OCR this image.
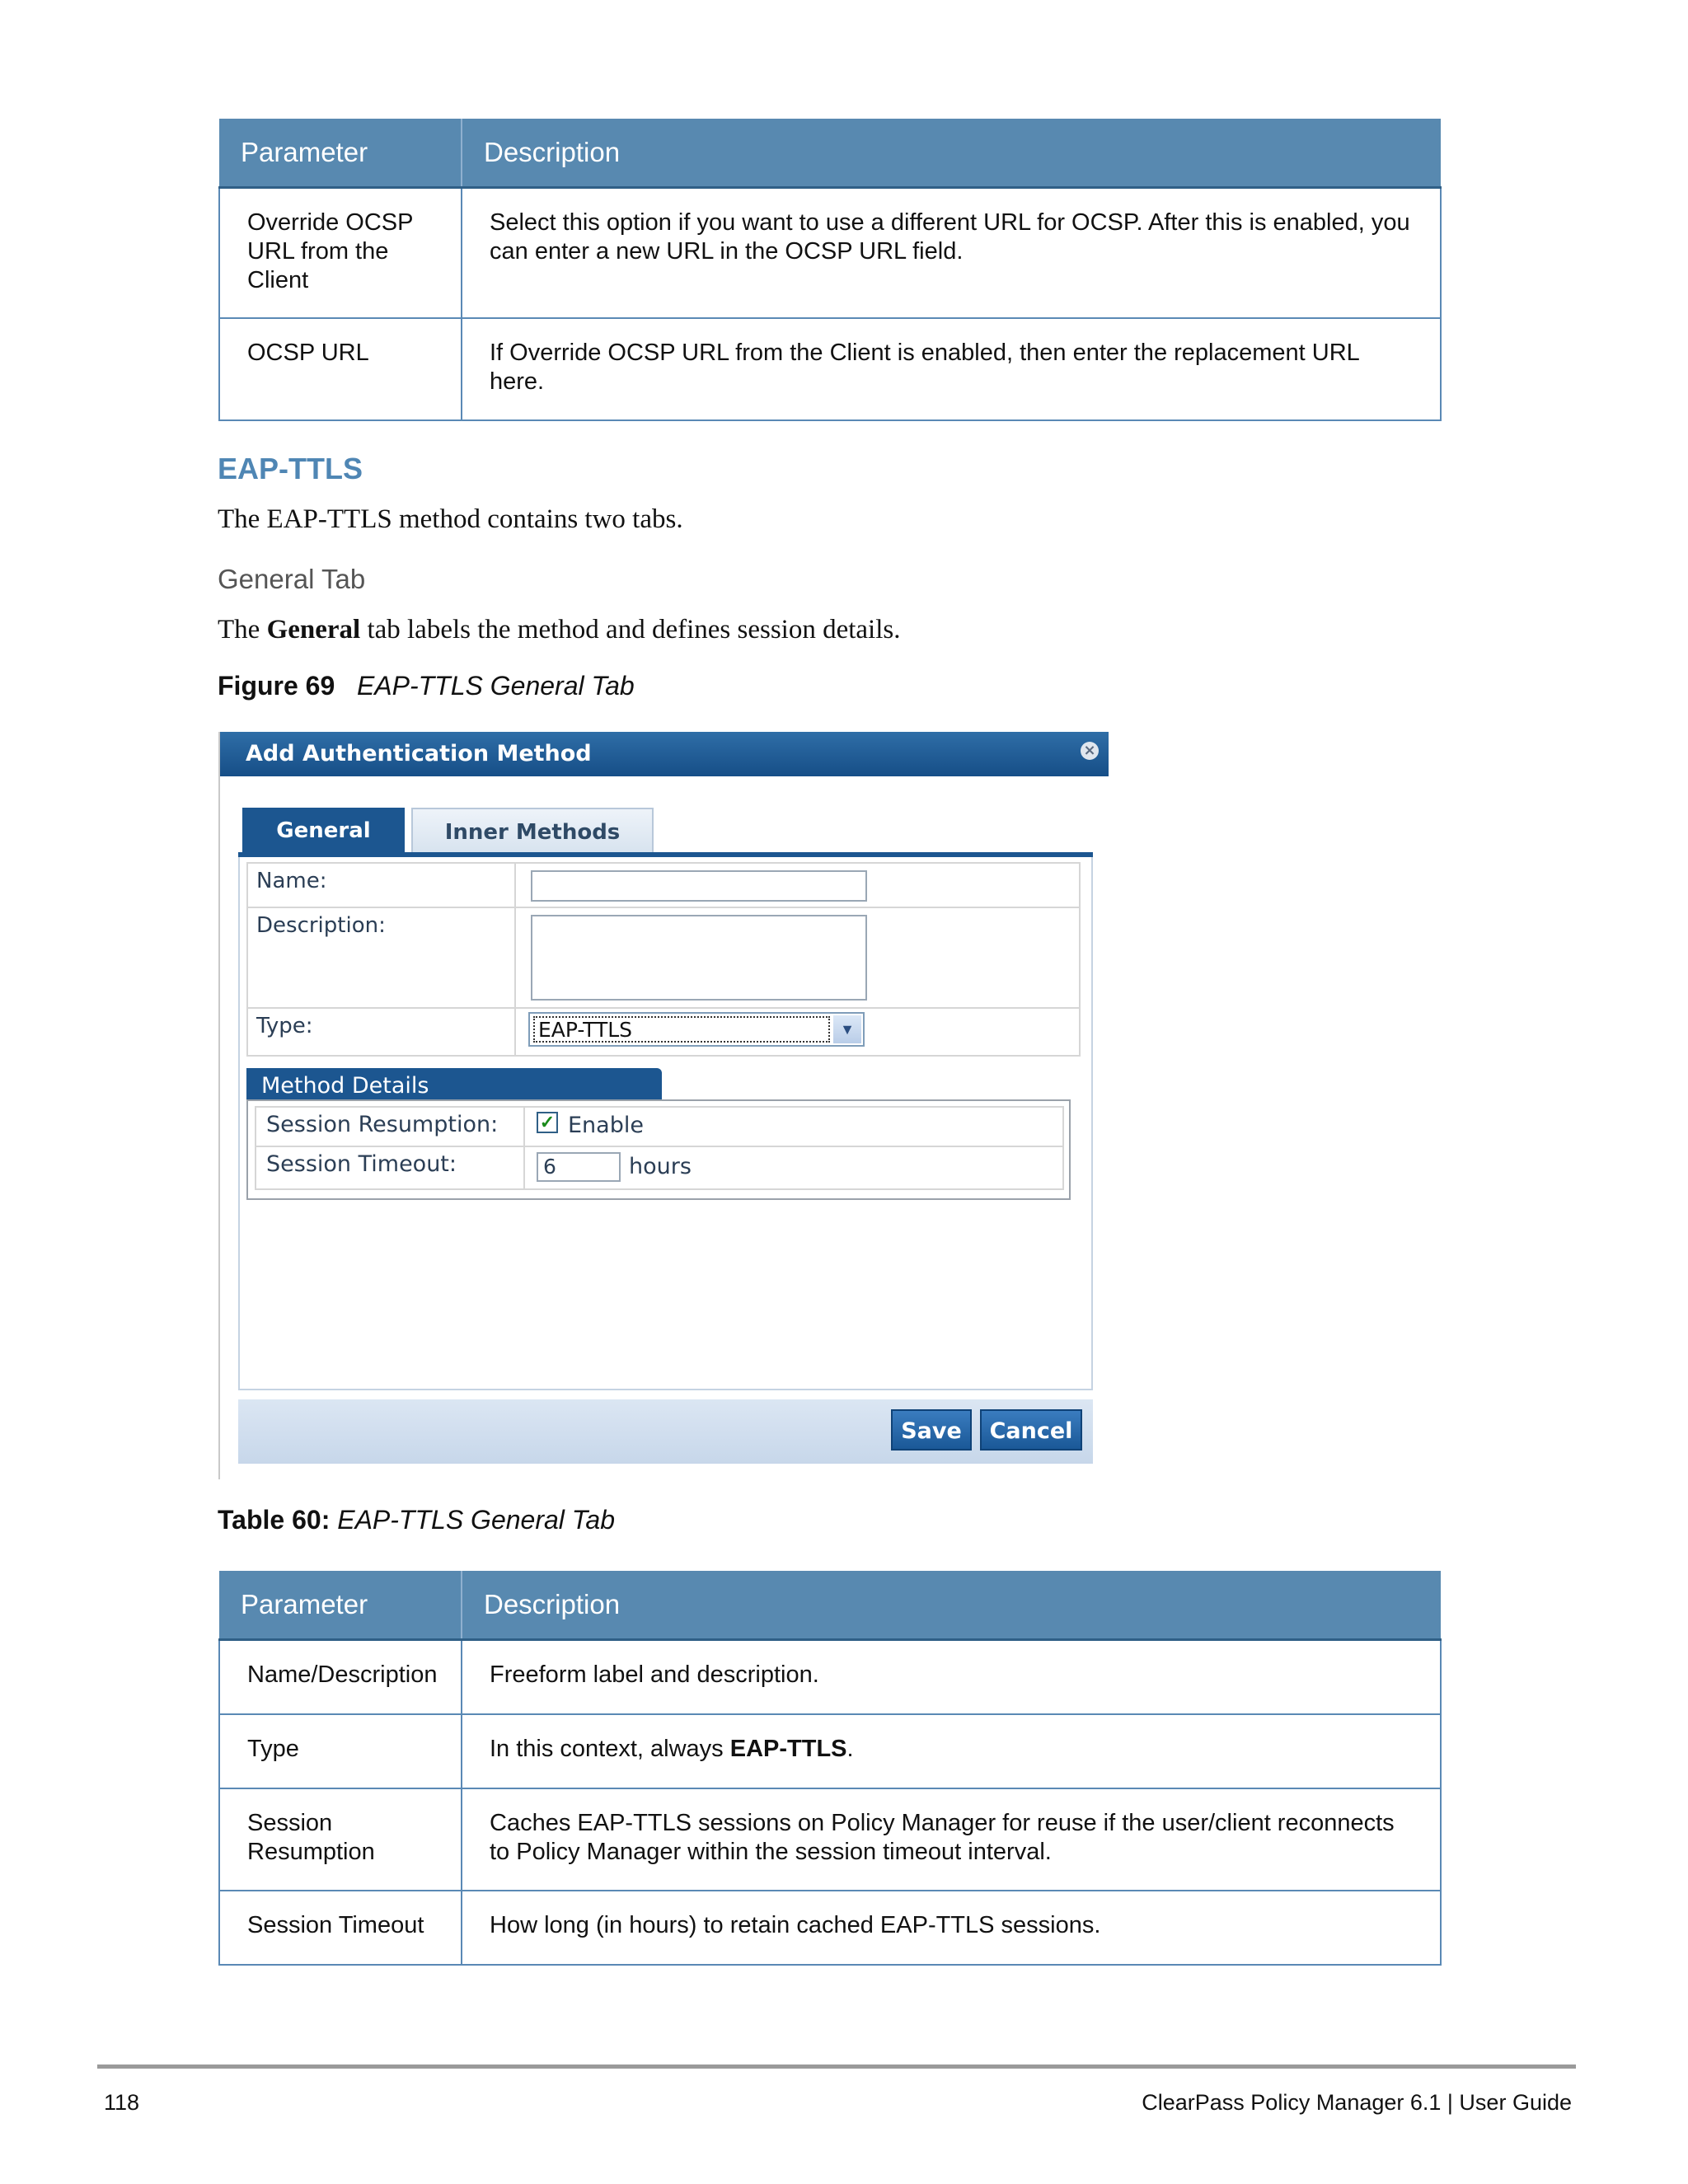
Parameter	Description
Override OCSP URL from the Client	Select this option if you want to use a different URL for OCSP. After this is enabled, you can enter a new URL in the OCSP URL field.
OCSP URL	If Override OCSP URL from the Client is enabled, then enter the replacement URL here.
EAP-TTLS
The EAP-TTLS method contains two tabs.
General Tab
The General tab labels the method and defines session details.
Figure 69 EAP-TTLS General Tab
Add Authentication Method	×
General	Inner Methods
Name:
Description:
Type:	EAP-TTLS	▼
Method Details
Session Resumption: ✓ Enable
Session Timeout:	6	hours
Save	Cancel
Table 60: EAP-TTLS General Tab
Parameter	Description
Name/Description	Freeform label and description.
Type	In this context, always EAP-TTLS.
Session Resumption	Caches EAP-TTLS sessions on Policy Manager for reuse if the user/client reconnects to Policy Manager within the session timeout interval.
Session Timeout	How long (in hours) to retain cached EAP-TTLS sessions.
118	ClearPass Policy Manager 6.1 | User Guide
